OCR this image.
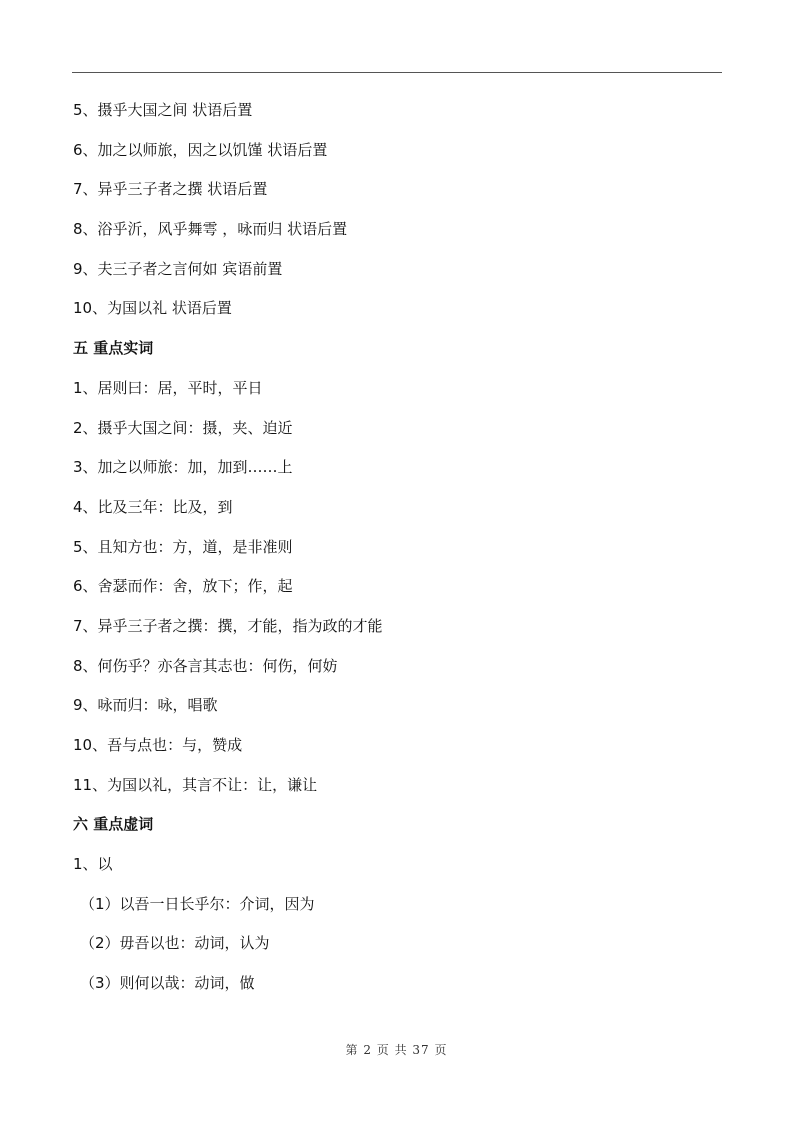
5、摄乎大国之间 状语后置
6、加之以师旅，因之以饥馑 状语后置
7、异乎三子者之撰 状语后置
8、浴乎沂，风乎舞雩 ，咏而归 状语后置
9、夫三子者之言何如 宾语前置
10、为国以礼 状语后置
五 重点实词
1、居则曰：居，平时，平日
2、摄乎大国之间：摄，夹、迫近
3、加之以师旅：加，加到……上
4、比及三年：比及，到
5、且知方也：方，道，是非准则
6、舍瑟而作：舍，放下；作，起
7、异乎三子者之撰：撰，才能，指为政的才能
8、何伤乎？亦各言其志也：何伤，何妨
9、咏而归：咏，唱歌
10、吾与点也：与，赞成
11、为国以礼，其言不让：让，谦让
六 重点虚词
1、以
（1）以吾一日长乎尔：介词，因为
（2）毋吾以也：动词，认为
（3）则何以哉：动词，做
第 2 页 共 37 页
